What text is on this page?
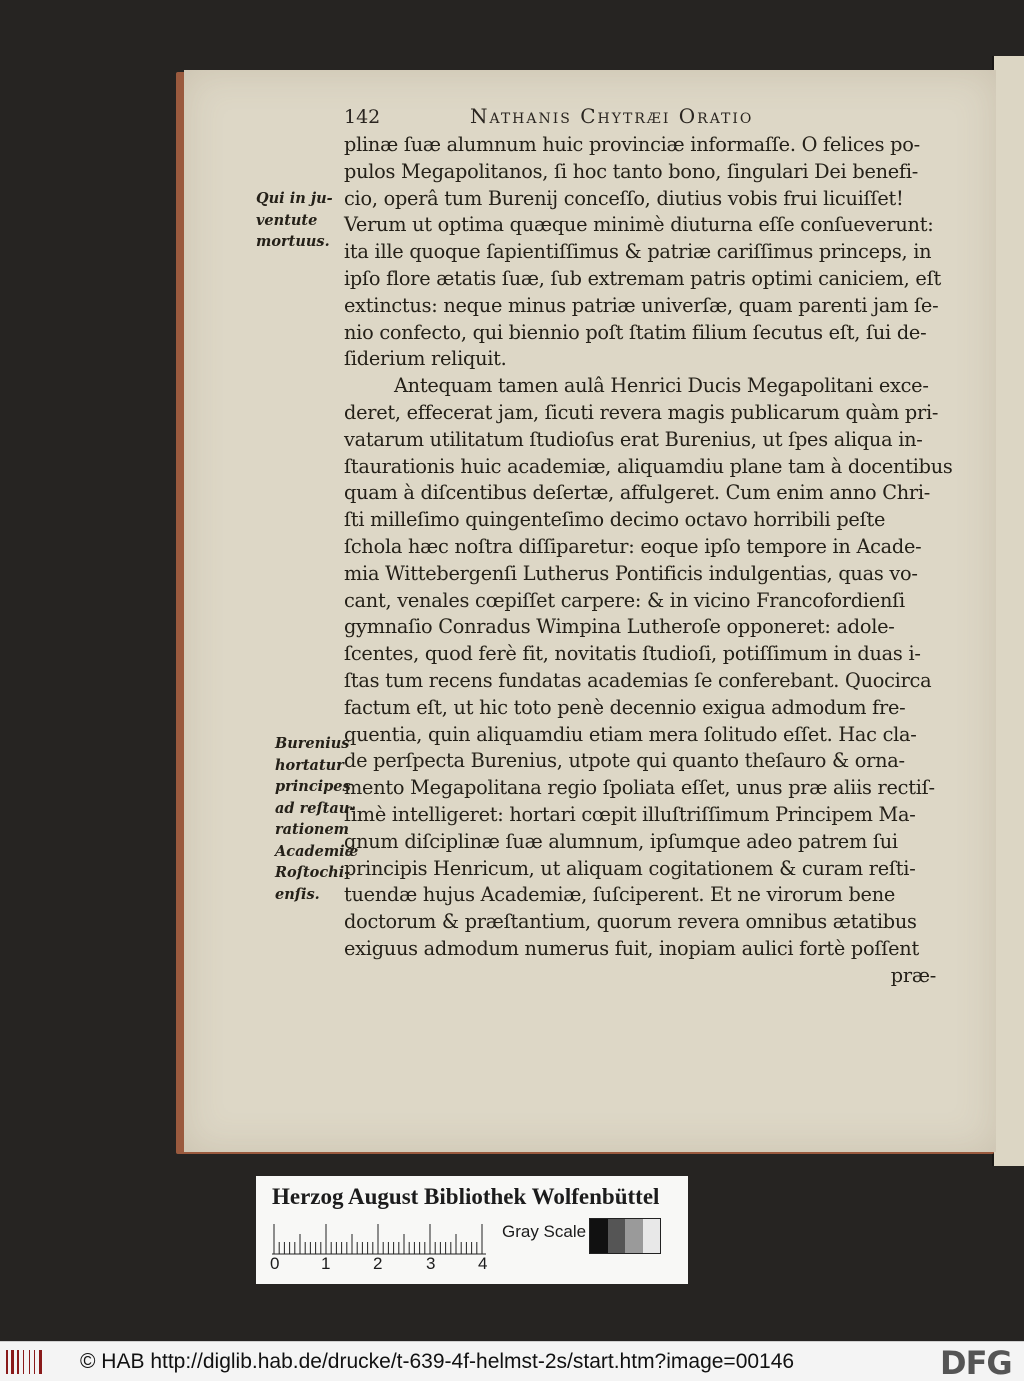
142	Nathanis Chytræi Oratio
plinæ ſuæ alumnum huic provinciæ informaſſe. O felices po-
pulos Megapolitanos, ſi hoc tanto bono, ſingulari Dei benefi-
cio, operâ tum Burenij conceſſo, diutius vobis frui licuiſſet!
Verum ut optima quæque minimè diuturna eſſe conſueverunt:
ita ille quoque ſapientiſſimus & patriæ cariſſimus princeps, in
ipſo flore ætatis ſuæ, ſub extremam patris optimi caniciem, eſt
extinctus: neque minus patriæ univerſæ, quam parenti jam ſe-
nio confecto, qui biennio poſt ſtatim filium ſecutus eſt, ſui de-
ſiderium reliquit.
Antequam tamen aulâ Henrici Ducis Megapolitani exce-
deret, effecerat jam, ſicuti revera magis publicarum quàm pri-
vatarum utilitatum ſtudioſus erat Burenius, ut ſpes aliqua in-
ſtaurationis huic academiæ, aliquamdiu plane tam à docentibus
quam à diſcentibus deſertæ, affulgeret. Cum enim anno Chri-
ſti milleſimo quingenteſimo decimo octavo horribili peſte
ſchola hæc noſtra diſſiparetur: eoque ipſo tempore in Acade-
mia Wittebergenſi Lutherus Pontificis indulgentias, quas vo-
cant, venales cœpiſſet carpere: & in vicino Francofordienſi
gymnaſio Conradus Wimpina Lutheroſe opponeret: adole-
ſcentes, quod ferè fit, novitatis ſtudioſi, potiſſimum in duas i-
ſtas tum recens fundatas academias ſe conferebant. Quocirca
factum eſt, ut hic toto penè decennio exigua admodum fre-
quentia, quin aliquamdiu etiam mera ſolitudo eſſet. Hac cla-
de perſpecta Burenius, utpote qui quanto theſauro & orna-
mento Megapolitana regio ſpoliata eſſet, unus præ aliis rectiſ-
ſimè intelligeret: hortari cœpit illuſtriſſimum Principem Ma-
gnum diſciplinæ ſuæ alumnum, ipſumque adeo patrem ſui
principis Henricum, ut aliquam cogitationem & curam reſti-
tuendæ hujus Academiæ, ſuſciperent. Et ne virorum bene
doctorum & præſtantium, quorum revera omnibus ætatibus
exiguus admodum numerus fuit, inopiam aulici fortè poſſent
præ-
Qui in ju-
ventute
mortuus.
Burenius
hortatur
principes
ad reſtau-
rationem
Academiæ
Roſtochi-
enſis.
Herzog August Bibliothek Wolfenbüttel
Gray Scale
0 1	2	3	4
© HAB http://diglib.hab.de/drucke/t-639-4f-helmst-2s/start.htm?image=00146	DFG
